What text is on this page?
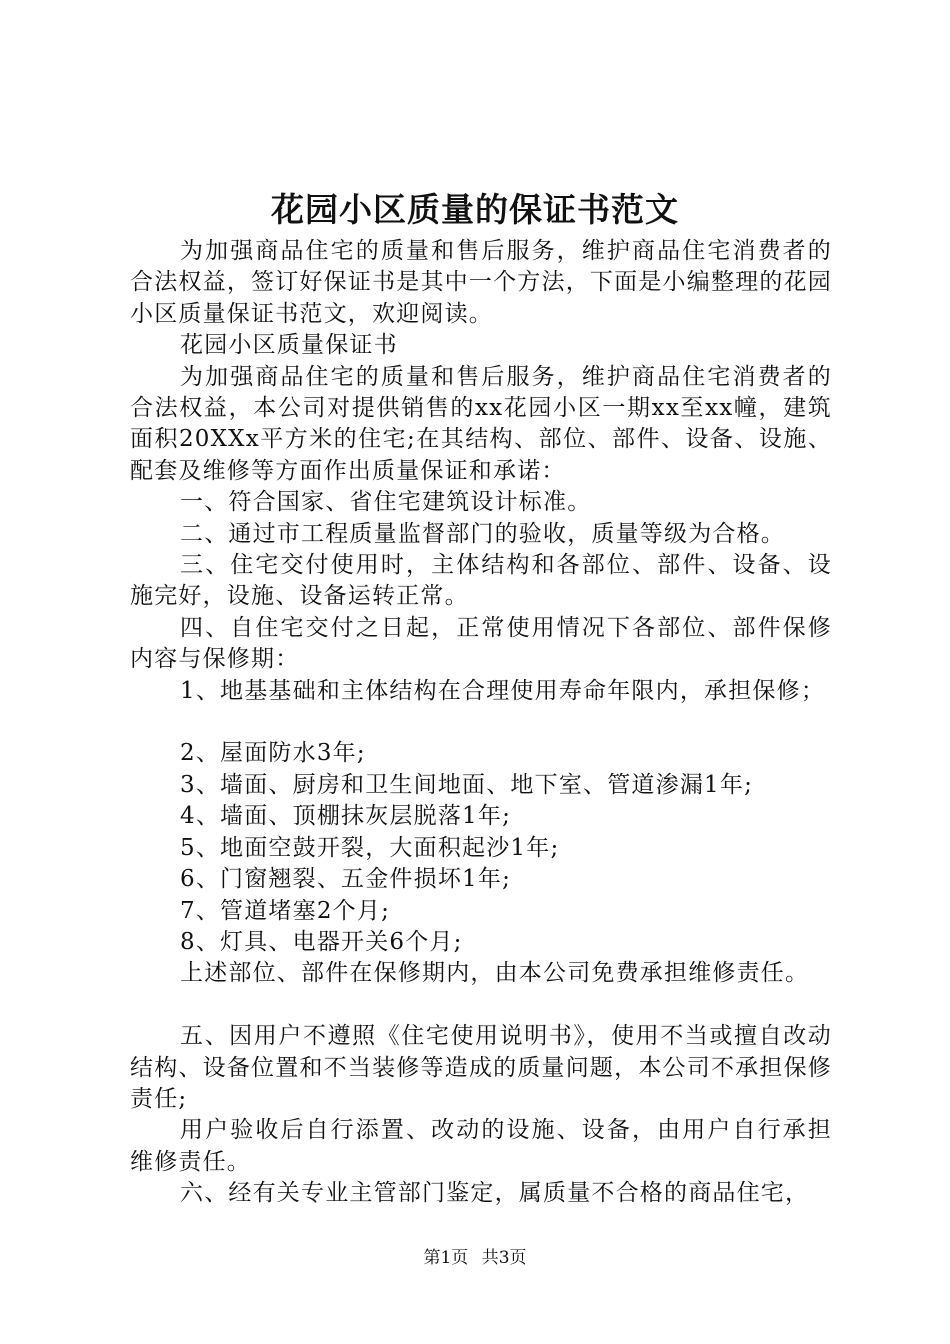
花园小区质量的保证书范文

为加强商品住宅的质量和售后服务，维护商品住宅消费者的合法权益，签订好保证书是其中一个方法，下面是小编整理的花园小区质量保证书范文，欢迎阅读。

花园小区质量保证书

为加强商品住宅的质量和售后服务，维护商品住宅消费者的合法权益，本公司对提供销售的xx花园小区一期xx至xx幢，建筑面积20XXx平方米的住宅;在其结构、部位、部件、设备、设施、配套及维修等方面作出质量保证和承诺：

一、符合国家、省住宅建筑设计标准。

二、通过市工程质量监督部门的验收，质量等级为合格。

三、住宅交付使用时，主体结构和各部位、部件、设备、设施完好，设施、设备运转正常。

四、自住宅交付之日起，正常使用情况下各部位、部件保修内容与保修期：

1、地基基础和主体结构在合理使用寿命年限内，承担保修；

2、屋面防水3年;

3、墙面、厨房和卫生间地面、地下室、管道渗漏1年;

4、墙面、顶棚抹灰层脱落1年;

5、地面空鼓开裂，大面积起沙1年;

6、门窗翘裂、五金件损坏1年;

7、管道堵塞2个月;

8、灯具、电器开关6个月;

上述部位、部件在保修期内，由本公司免费承担维修责任。

五、因用户不遵照《住宅使用说明书》，使用不当或擅自改动结构、设备位置和不当装修等造成的质量问题，本公司不承担保修责任;

用户验收后自行添置、改动的设施、设备，由用户自行承担维修责任。

六、经有关专业主管部门鉴定，属质量不合格的商品住宅，

第1页 共3页
